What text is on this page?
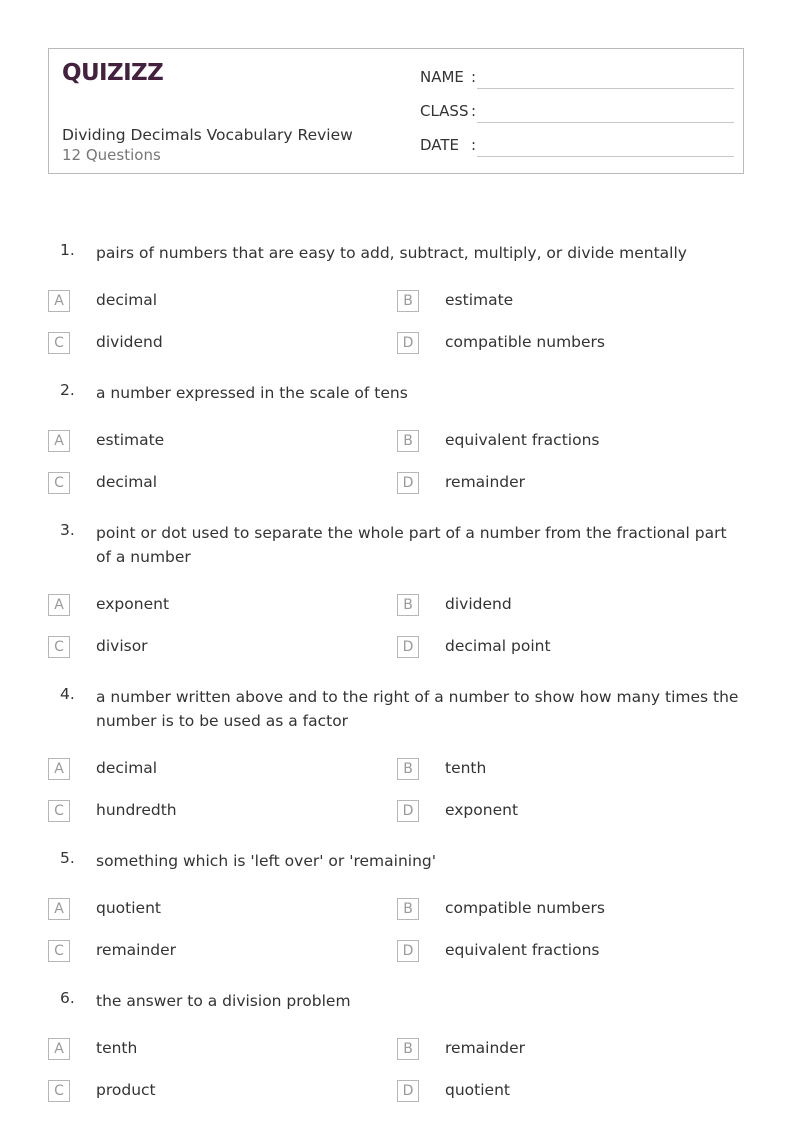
QUIZIZZ
Dividing Decimals Vocabulary Review
12 Questions
NAME :
CLASS :
DATE :
1. pairs of numbers that are easy to add, subtract, multiply, or divide mentally
A	decimal	B	estimate
C	dividend	D	compatible numbers
2. a number expressed in the scale of tens
A	estimate	B	equivalent fractions
C	decimal	D	remainder
3. point or dot used to separate the whole part of a number from the fractional part of a number
A	exponent	B	dividend
C	divisor	D	decimal point
4. a number written above and to the right of a number to show how many times the number is to be used as a factor
A	decimal	B	tenth
C	hundredth	D	exponent
5. something which is 'left over' or 'remaining'
A	quotient	B	compatible numbers
C	remainder	D	equivalent fractions
6. the answer to a division problem
A	tenth	B	remainder
C	product	D	quotient
